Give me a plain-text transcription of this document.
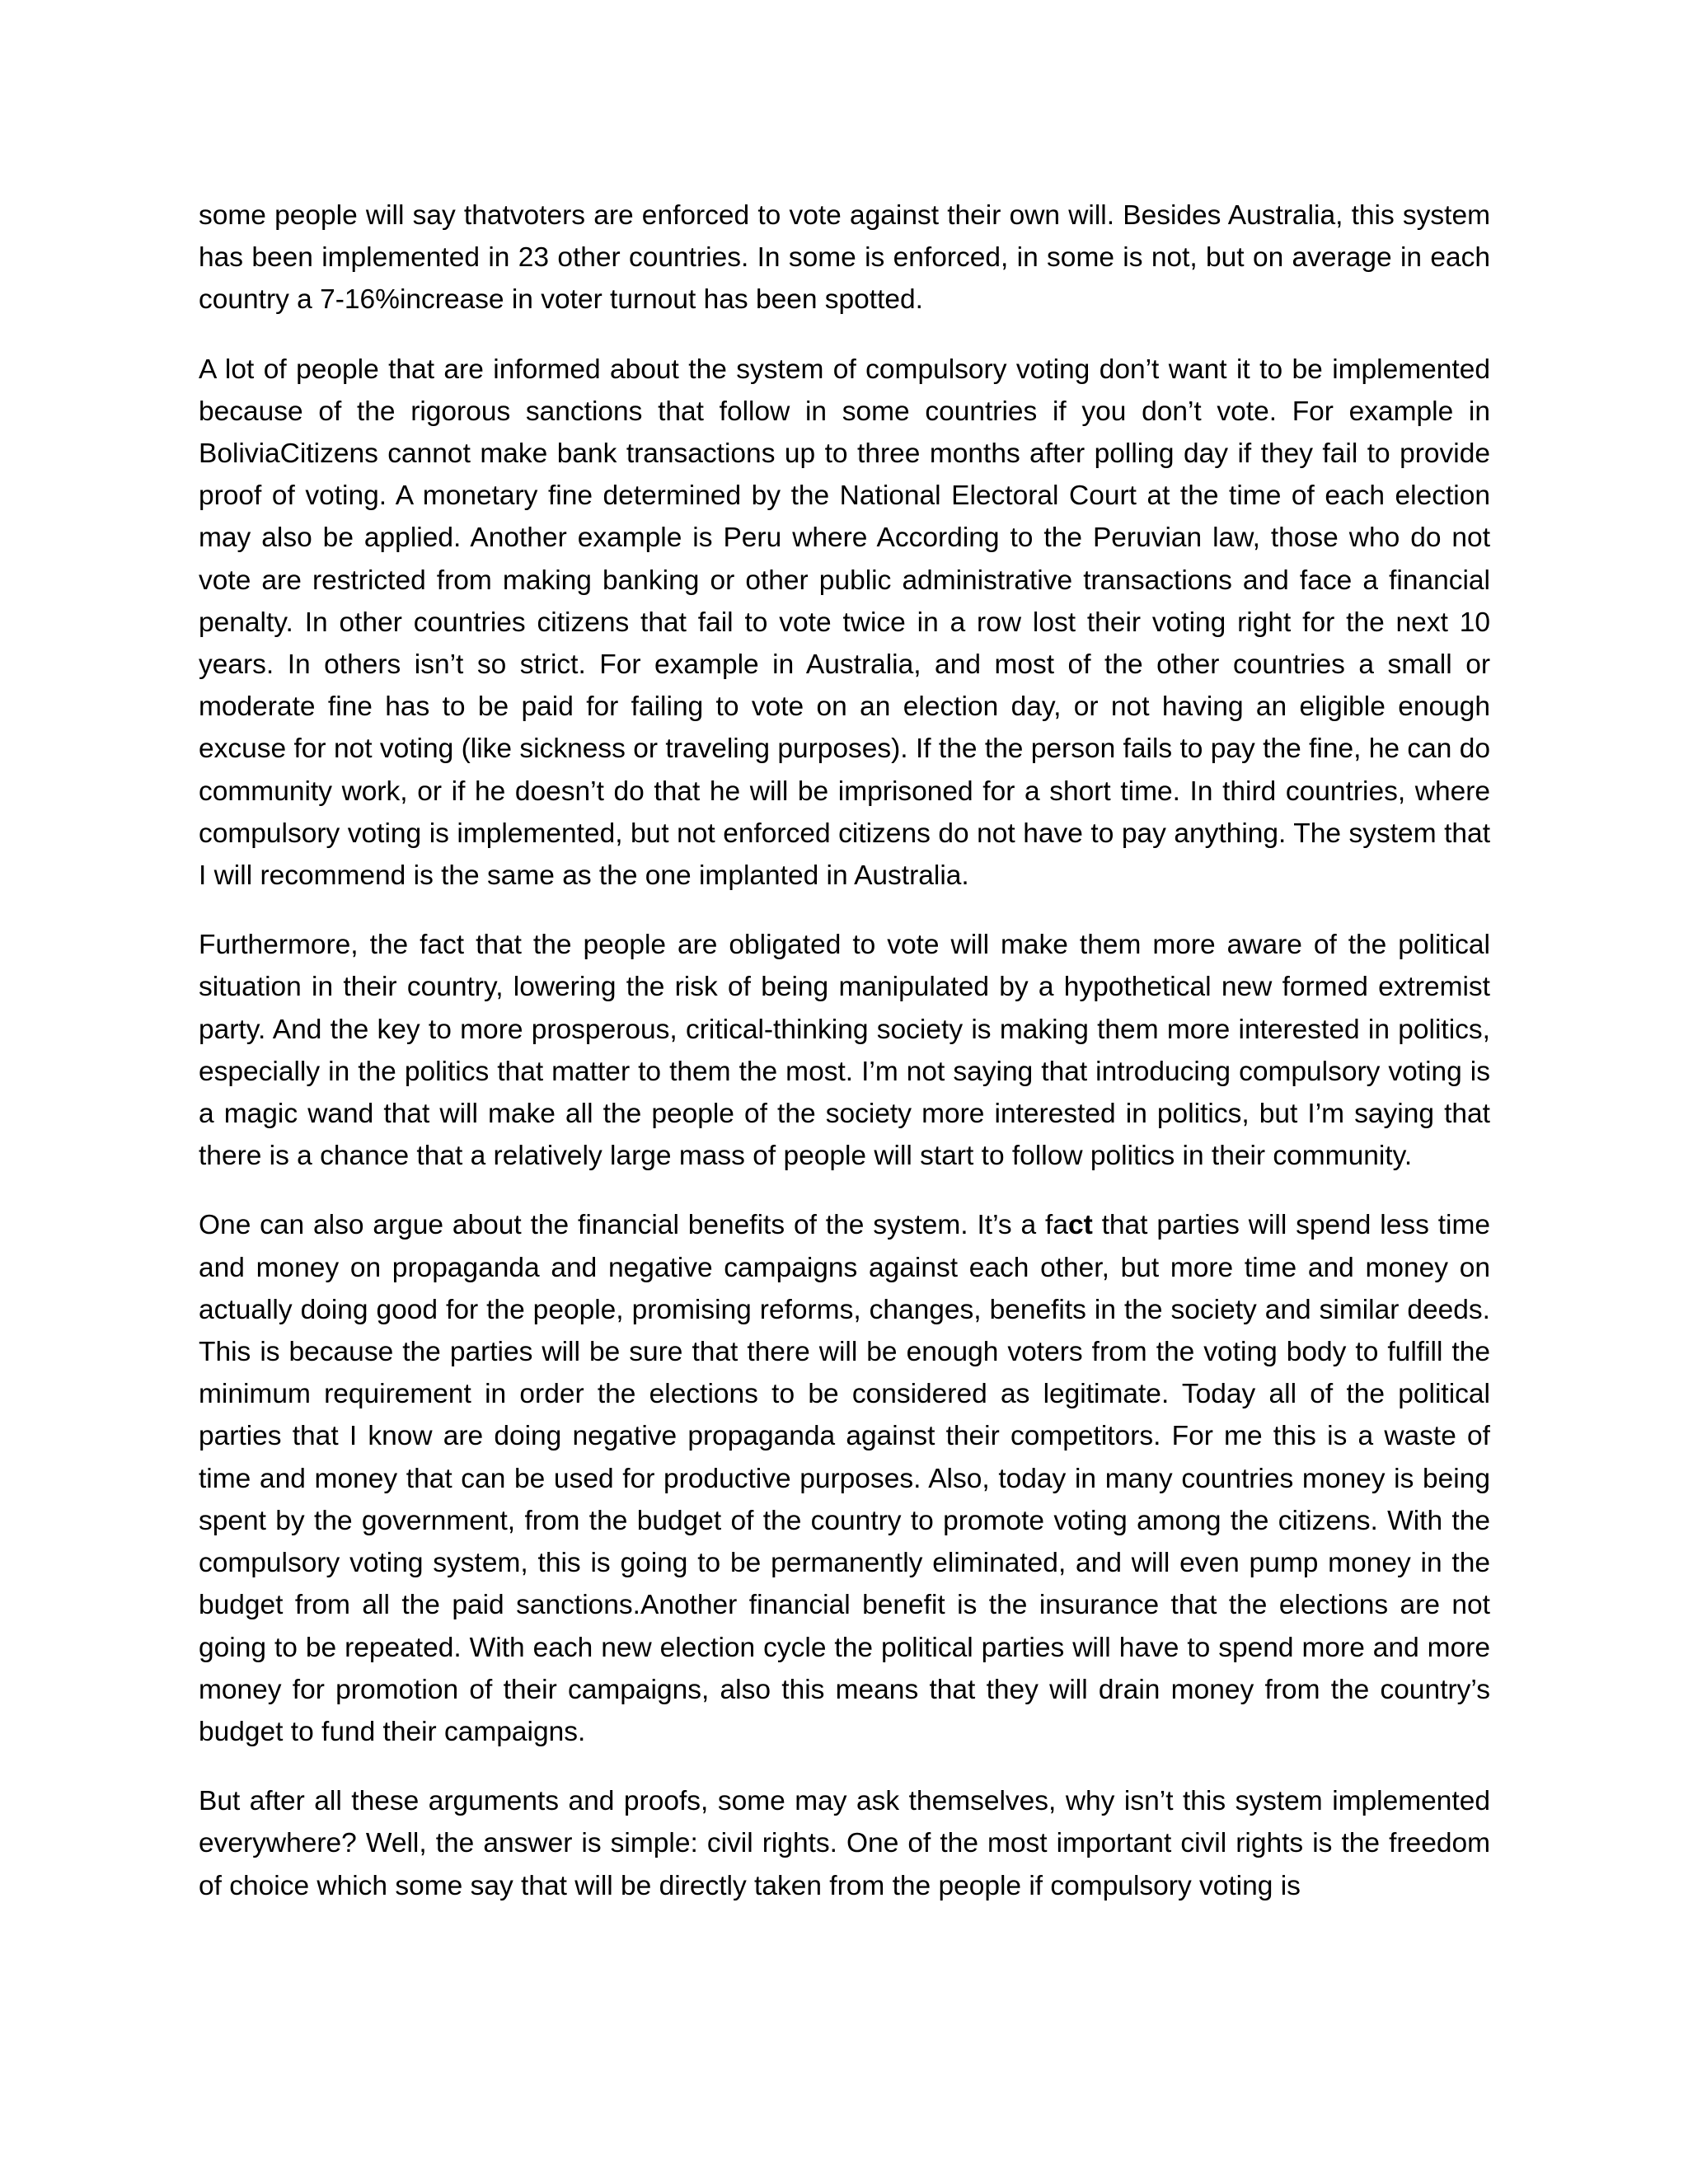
some people will say thatvoters are enforced to vote against their own will. Besides Australia, this system has been implemented in 23 other countries. In some is enforced, in some is not, but on average in each country a 7-16%increase in voter turnout has been spotted.

A lot of people that are informed about the system of compulsory voting don’t want it to be implemented because of the rigorous sanctions that follow in some countries if you don’t vote. For example in BoliviaCitizens cannot make bank transactions up to three months after polling day if they fail to provide proof of voting. A monetary fine determined by the National Electoral Court at the time of each election may also be applied. Another example is Peru where According to the Peruvian law, those who do not vote are restricted from making banking or other public administrative transactions and face a financial penalty. In other countries citizens that fail to vote twice in a row lost their voting right for the next 10 years. In others isn’t so strict. For example in Australia, and most of the other countries a small or moderate fine has to be paid for failing to vote on an election day, or not having an eligible enough excuse for not voting (like sickness or traveling purposes). If the the person fails to pay the fine, he can do community work, or if he doesn’t do that he will be imprisoned for a short time. In third countries, where compulsory voting is implemented, but not enforced citizens do not have to pay anything. The system that I will recommend is the same as the one implanted in Australia.

Furthermore, the fact that the people are obligated to vote will make them more aware of the political situation in their country, lowering the risk of being manipulated by a hypothetical new formed extremist party. And the key to more prosperous, critical-thinking society is making them more interested in politics, especially in the politics that matter to them the most. I’m not saying that introducing compulsory voting is a magic wand that will make all the people of the society more interested in politics, but I’m saying that there is a chance that a relatively large mass of people will start to follow politics in their community.

One can also argue about the financial benefits of the system. It’s a fact that parties will spend less time and money on propaganda and negative campaigns against each other, but more time and money on actually doing good for the people, promising reforms, changes, benefits in the society and similar deeds. This is because the parties will be sure that there will be enough voters from the voting body to fulfill the minimum requirement in order the elections to be considered as legitimate. Today all of the political parties that I know are doing negative propaganda against their competitors. For me this is a waste of time and money that can be used for productive purposes. Also, today in many countries money is being spent by the government, from the budget of the country to promote voting among the citizens. With the compulsory voting system, this is going to be permanently eliminated, and will even pump money in the budget from all the paid sanctions.Another financial benefit is the insurance that the elections are not going to be repeated. With each new election cycle the political parties will have to spend more and more money for promotion of their campaigns, also this means that they will drain money from the country’s budget to fund their campaigns.

But after all these arguments and proofs, some may ask themselves, why isn’t this system implemented everywhere? Well, the answer is simple: civil rights. One of the most important civil rights is the freedom of choice which some say that will be directly taken from the people if compulsory voting is
